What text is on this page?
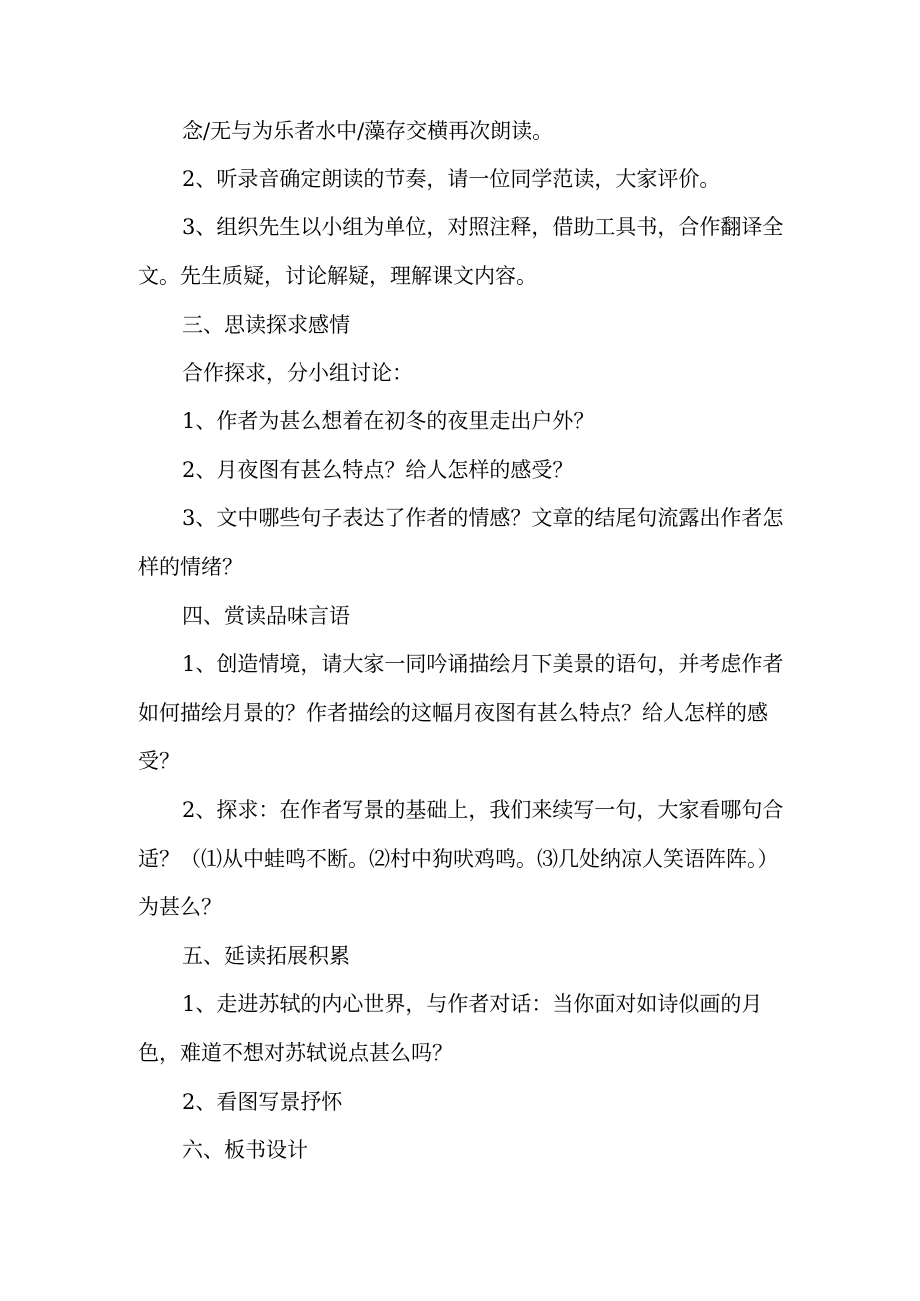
念/无与为乐者水中/藻存交横再次朗读。

2、听录音确定朗读的节奏，请一位同学范读，大家评价。

3、组织先生以小组为单位，对照注释，借助工具书，合作翻译全文。先生质疑，讨论解疑，理解课文内容。

三、思读探求感情

合作探求，分小组讨论：

1、作者为甚么想着在初冬的夜里走出户外？

2、月夜图有甚么特点？给人怎样的感受？

3、文中哪些句子表达了作者的情感？文章的结尾句流露出作者怎样的情绪？

四、赏读品味言语

1、创造情境，请大家一同吟诵描绘月下美景的语句，并考虑作者如何描绘月景的？作者描绘的这幅月夜图有甚么特点？给人怎样的感受？

2、探求：在作者写景的基础上，我们来续写一句，大家看哪句合适？（⑴从中蛙鸣不断。⑵村中狗吠鸡鸣。⑶几处纳凉人笑语阵阵。）为甚么？

五、延读拓展积累

1、走进苏轼的内心世界，与作者对话：当你面对如诗似画的月色，难道不想对苏轼说点甚么吗？

2、看图写景抒怀

六、板书设计
